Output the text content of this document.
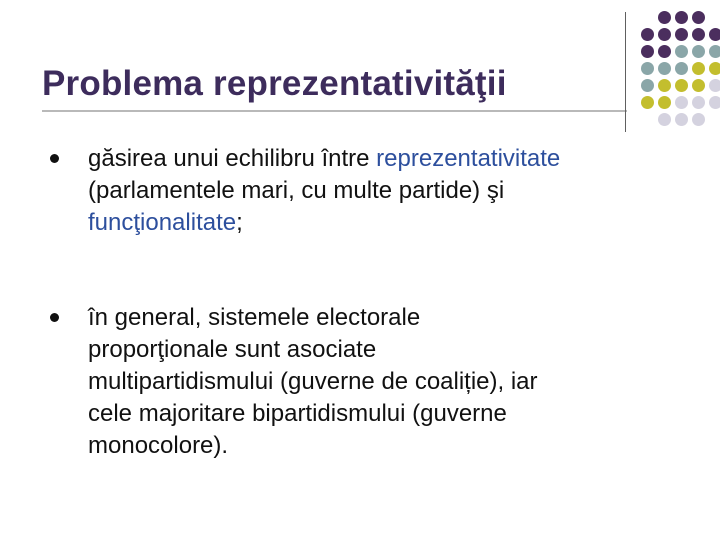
Problema reprezentativităţii
găsirea unui echilibru între reprezentativitate
(parlamentele mari, cu multe partide) şi
funcţionalitate;
în general, sistemele electorale
proporţionale sunt asociate
multipartidismului (guverne de coaliție), iar
cele majoritare bipartidismului (guverne
monocolore).
